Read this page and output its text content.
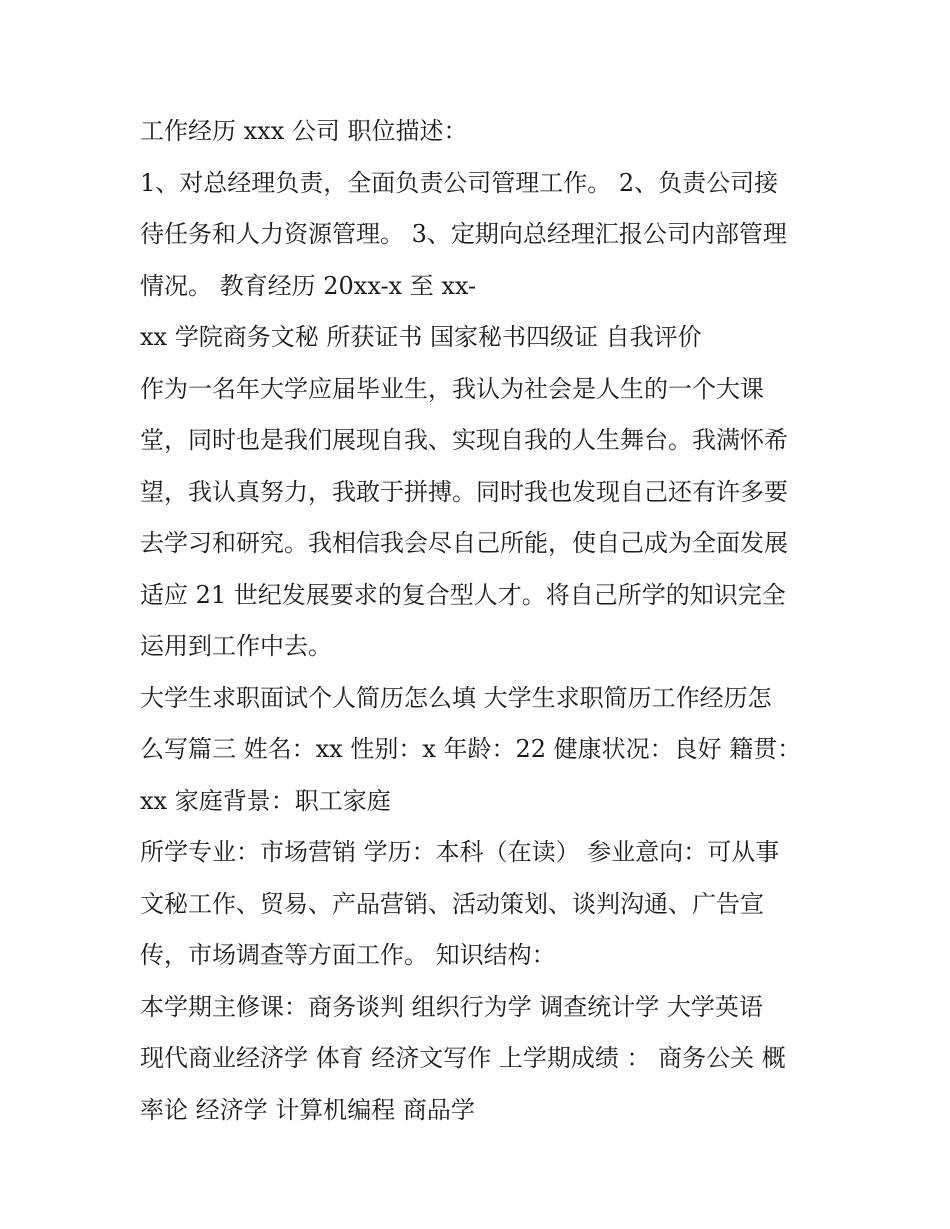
工作经历 xxx 公司 职位描述：
1、对总经理负责，全面负责公司管理工作。 2、负责公司接
待任务和人力资源管理。 3、定期向总经理汇报公司内部管理
情况。 教育经历 20xx-x 至 xx-
xx 学院商务文秘 所获证书 国家秘书四级证 自我评价
作为一名年大学应届毕业生，我认为社会是人生的一个大课
堂，同时也是我们展现自我、实现自我的人生舞台。我满怀希
望，我认真努力，我敢于拼搏。同时我也发现自己还有许多要
去学习和研究。我相信我会尽自己所能，使自己成为全面发展
适应 21 世纪发展要求的复合型人才。将自己所学的知识完全
运用到工作中去。
大学生求职面试个人简历怎么填 大学生求职简历工作经历怎
么写篇三 姓名：xx 性别：x 年龄：22 健康状况：良好 籍贯：
xx 家庭背景：职工家庭
所学专业：市场营销 学历：本科（在读） 参业意向：可从事
文秘工作、贸易、产品营销、活动策划、谈判沟通、广告宣
传，市场调查等方面工作。 知识结构：
本学期主修课：商务谈判 组织行为学 调查统计学 大学英语
现代商业经济学 体育 经济文写作 上学期成绩 ： 商务公关 概
率论 经济学 计算机编程 商品学
